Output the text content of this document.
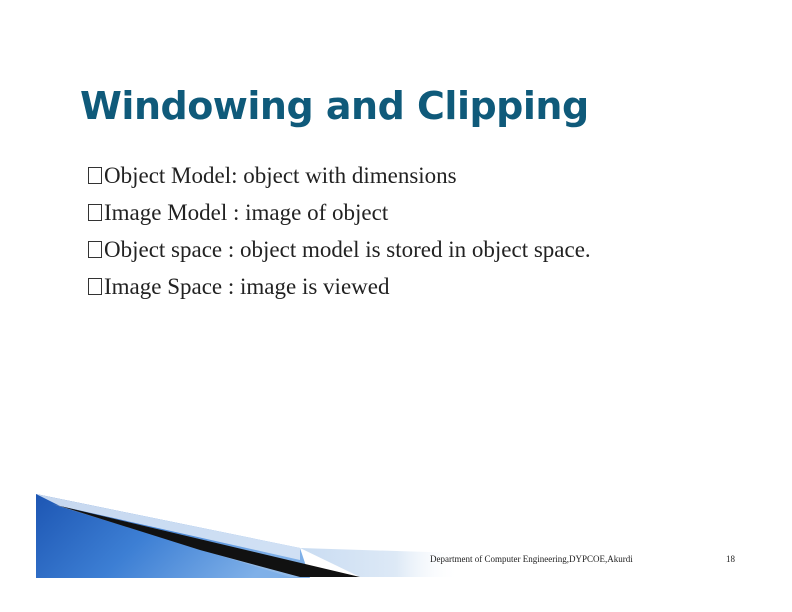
Windowing and Clipping
Object Model: object with dimensions
Image Model : image of object
Object space : object model is stored in object space.
Image Space : image is viewed
Department of Computer Engineering,DYPCOE,Akurdi	18
